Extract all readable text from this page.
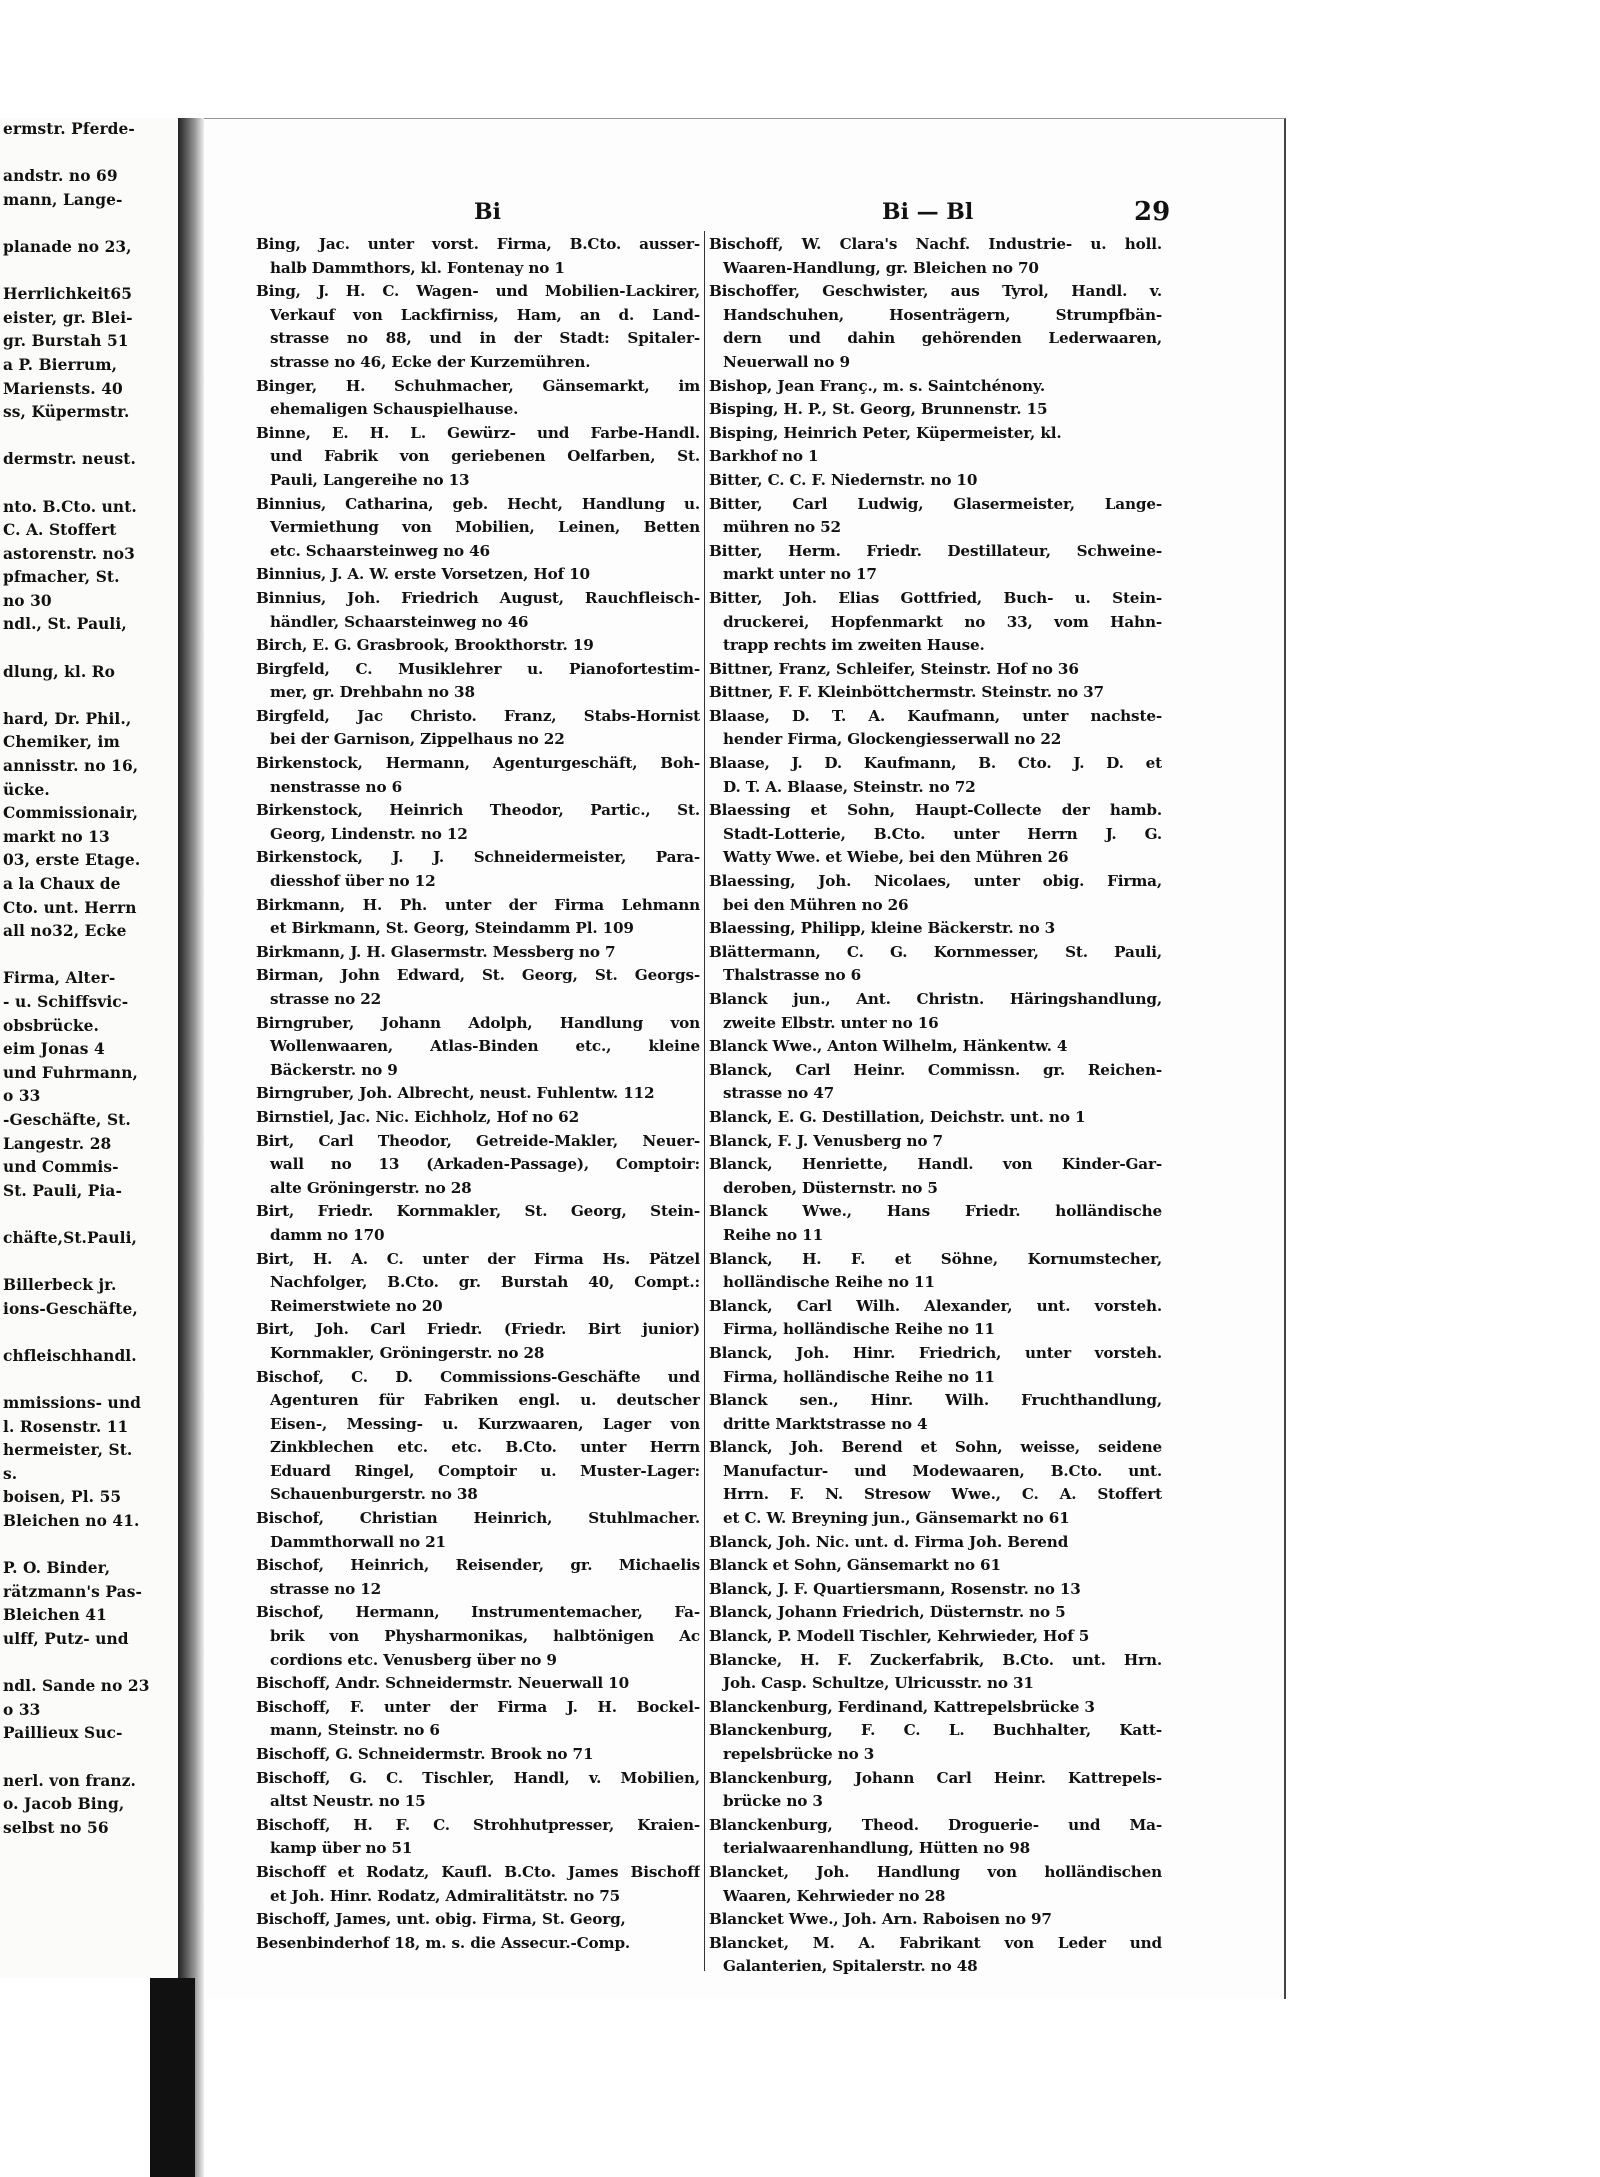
ermstr. Pferde-
andstr. no 69
mann, Lange-
planade no 23,
Herrlichkeit65
eister, gr. Blei-
gr. Burstah 51
a P. Bierrum,
Mariensts. 40
ss, Küpermstr.
dermstr. neust.
nto. B.Cto. unt.
C. A. Stoffert
astorenstr. no3
pfmacher, St.
no 30
ndl., St. Pauli,
dlung, kl. Ro
hard, Dr. Phil.,
Chemiker, im
annisstr. no 16,
ücke.
Commissionair,
markt no 13
03, erste Etage.
a la Chaux de
Cto. unt. Herrn
all no32, Ecke
Firma, Alter-
- u. Schiffsvic-
obsbrücke.
eim Jonas 4
und Fuhrmann,
o 33
-Geschäfte, St.
Langestr. 28
und Commis-
St. Pauli, Pia-
chäfte,St.Pauli,
Billerbeck jr.
ions-Geschäfte,
chfleischhandl.
mmissions- und
l. Rosenstr. 11
hermeister, St.
s.
boisen, Pl. 55
Bleichen no 41.
P. O. Binder,
rätzmann's Pas-
Bleichen 41
ulff, Putz- und
ndl. Sande no 23
o 33
Paillieux Suc-
nerl. von franz.
o. Jacob Bing,
selbst no 56
Bi	Bi — Bl	29
Bing, Jac. unter vorst. Firma, B.Cto. ausser-
halb Dammthors, kl. Fontenay no 1
Bing, J. H. C. Wagen- und Mobilien-Lackirer,
Verkauf von Lackfirniss, Ham, an d. Land-
strasse no 88, und in der Stadt: Spitaler-
strasse no 46, Ecke der Kurzemühren.
Binger, H. Schuhmacher, Gänsemarkt, im
ehemaligen Schauspielhause.
Binne, E. H. L. Gewürz- und Farbe-Handl.
und Fabrik von geriebenen Oelfarben, St.
Pauli, Langereihe no 13
Binnius, Catharina, geb. Hecht, Handlung u.
Vermiethung von Mobilien, Leinen, Betten
etc. Schaarsteinweg no 46
Binnius, J. A. W. erste Vorsetzen, Hof 10
Binnius, Joh. Friedrich August, Rauchfleisch-
händler, Schaarsteinweg no 46
Birch, E. G. Grasbrook, Brookthorstr. 19
Birgfeld, C. Musiklehrer u. Pianofortestim-
mer, gr. Drehbahn no 38
Birgfeld, Jac Christo. Franz, Stabs-Hornist
bei der Garnison, Zippelhaus no 22
Birkenstock, Hermann, Agenturgeschäft, Boh-
nenstrasse no 6
Birkenstock, Heinrich Theodor, Partic., St.
Georg, Lindenstr. no 12
Birkenstock, J. J. Schneidermeister, Para-
diesshof über no 12
Birkmann, H. Ph. unter der Firma Lehmann
et Birkmann, St. Georg, Steindamm Pl. 109
Birkmann, J. H. Glasermstr. Messberg no 7
Birman, John Edward, St. Georg, St. Georgs-
strasse no 22
Birngruber, Johann Adolph, Handlung von
Wollenwaaren, Atlas-Binden etc., kleine
Bäckerstr. no 9
Birngruber, Joh. Albrecht, neust. Fuhlentw. 112
Birnstiel, Jac. Nic. Eichholz, Hof no 62
Birt, Carl Theodor, Getreide-Makler, Neuer-
wall no 13 (Arkaden-Passage), Comptoir:
alte Gröningerstr. no 28
Birt, Friedr. Kornmakler, St. Georg, Stein-
damm no 170
Birt, H. A. C. unter der Firma Hs. Pätzel
Nachfolger, B.Cto. gr. Burstah 40, Compt.:
Reimerstwiete no 20
Birt, Joh. Carl Friedr. (Friedr. Birt junior)
Kornmakler, Gröningerstr. no 28
Bischof, C. D. Commissions-Geschäfte und
Agenturen für Fabriken engl. u. deutscher
Eisen-, Messing- u. Kurzwaaren, Lager von
Zinkblechen etc. etc. B.Cto. unter Herrn
Eduard Ringel, Comptoir u. Muster-Lager:
Schauenburgerstr. no 38
Bischof, Christian Heinrich, Stuhlmacher.
Dammthorwall no 21
Bischof, Heinrich, Reisender, gr. Michaelis
strasse no 12
Bischof, Hermann, Instrumentemacher, Fa-
brik von Physharmonikas, halbtönigen Ac
cordions etc. Venusberg über no 9
Bischoff, Andr. Schneidermstr. Neuerwall 10
Bischoff, F. unter der Firma J. H. Bockel-
mann, Steinstr. no 6
Bischoff, G. Schneidermstr. Brook no 71
Bischoff, G. C. Tischler, Handl, v. Mobilien,
altst Neustr. no 15
Bischoff, H. F. C. Strohhutpresser, Kraien-
kamp über no 51
Bischoff et Rodatz, Kaufl. B.Cto. James Bischoff
et Joh. Hinr. Rodatz, Admiralitätstr. no 75
Bischoff, James, unt. obig. Firma, St. Georg,
Besenbinderhof 18, m. s. die Assecur.-Comp.
Bischoff, W. Clara's Nachf. Industrie- u. holl.
Waaren-Handlung, gr. Bleichen no 70
Bischoffer, Geschwister, aus Tyrol, Handl. v.
Handschuhen, Hosenträgern, Strumpfbän-
dern und dahin gehörenden Lederwaaren,
Neuerwall no 9
Bishop, Jean Franç., m. s. Saintchénony.
Bisping, H. P., St. Georg, Brunnenstr. 15
Bisping, Heinrich Peter, Küpermeister, kl.
Barkhof no 1
Bitter, C. C. F. Niedernstr. no 10
Bitter, Carl Ludwig, Glasermeister, Lange-
mühren no 52
Bitter, Herm. Friedr. Destillateur, Schweine-
markt unter no 17
Bitter, Joh. Elias Gottfried, Buch- u. Stein-
druckerei, Hopfenmarkt no 33, vom Hahn-
trapp rechts im zweiten Hause.
Bittner, Franz, Schleifer, Steinstr. Hof no 36
Bittner, F. F. Kleinböttchermstr. Steinstr. no 37
Blaase, D. T. A. Kaufmann, unter nachste-
hender Firma, Glockengiesserwall no 22
Blaase, J. D. Kaufmann, B. Cto. J. D. et
D. T. A. Blaase, Steinstr. no 72
Blaessing et Sohn, Haupt-Collecte der hamb.
Stadt-Lotterie, B.Cto. unter Herrn J. G.
Watty Wwe. et Wiebe, bei den Mühren 26
Blaessing, Joh. Nicolaes, unter obig. Firma,
bei den Mühren no 26
Blaessing, Philipp, kleine Bäckerstr. no 3
Blättermann, C. G. Kornmesser, St. Pauli,
Thalstrasse no 6
Blanck jun., Ant. Christn. Häringshandlung,
zweite Elbstr. unter no 16
Blanck Wwe., Anton Wilhelm, Hänkentw. 4
Blanck, Carl Heinr. Commissn. gr. Reichen-
strasse no 47
Blanck, E. G. Destillation, Deichstr. unt. no 1
Blanck, F. J. Venusberg no 7
Blanck, Henriette, Handl. von Kinder-Gar-
deroben, Düsternstr. no 5
Blanck Wwe., Hans Friedr. holländische
Reihe no 11
Blanck, H. F. et Söhne, Kornumstecher,
holländische Reihe no 11
Blanck, Carl Wilh. Alexander, unt. vorsteh.
Firma, holländische Reihe no 11
Blanck, Joh. Hinr. Friedrich, unter vorsteh.
Firma, holländische Reihe no 11
Blanck sen., Hinr. Wilh. Fruchthandlung,
dritte Marktstrasse no 4
Blanck, Joh. Berend et Sohn, weisse, seidene
Manufactur- und Modewaaren, B.Cto. unt.
Hrrn. F. N. Stresow Wwe., C. A. Stoffert
et C. W. Breyning jun., Gänsemarkt no 61
Blanck, Joh. Nic. unt. d. Firma Joh. Berend
Blanck et Sohn, Gänsemarkt no 61
Blanck, J. F. Quartiersmann, Rosenstr. no 13
Blanck, Johann Friedrich, Düsternstr. no 5
Blanck, P. Modell Tischler, Kehrwieder, Hof 5
Blancke, H. F. Zuckerfabrik, B.Cto. unt. Hrn.
Joh. Casp. Schultze, Ulricusstr. no 31
Blanckenburg, Ferdinand, Kattrepelsbrücke 3
Blanckenburg, F. C. L. Buchhalter, Katt-
repelsbrücke no 3
Blanckenburg, Johann Carl Heinr. Kattrepels-
brücke no 3
Blanckenburg, Theod. Droguerie- und Ma-
terialwaarenhandlung, Hütten no 98
Blancket, Joh. Handlung von holländischen
Waaren, Kehrwieder no 28
Blancket Wwe., Joh. Arn. Raboisen no 97
Blancket, M. A. Fabrikant von Leder und
Galanterien, Spitalerstr. no 48
